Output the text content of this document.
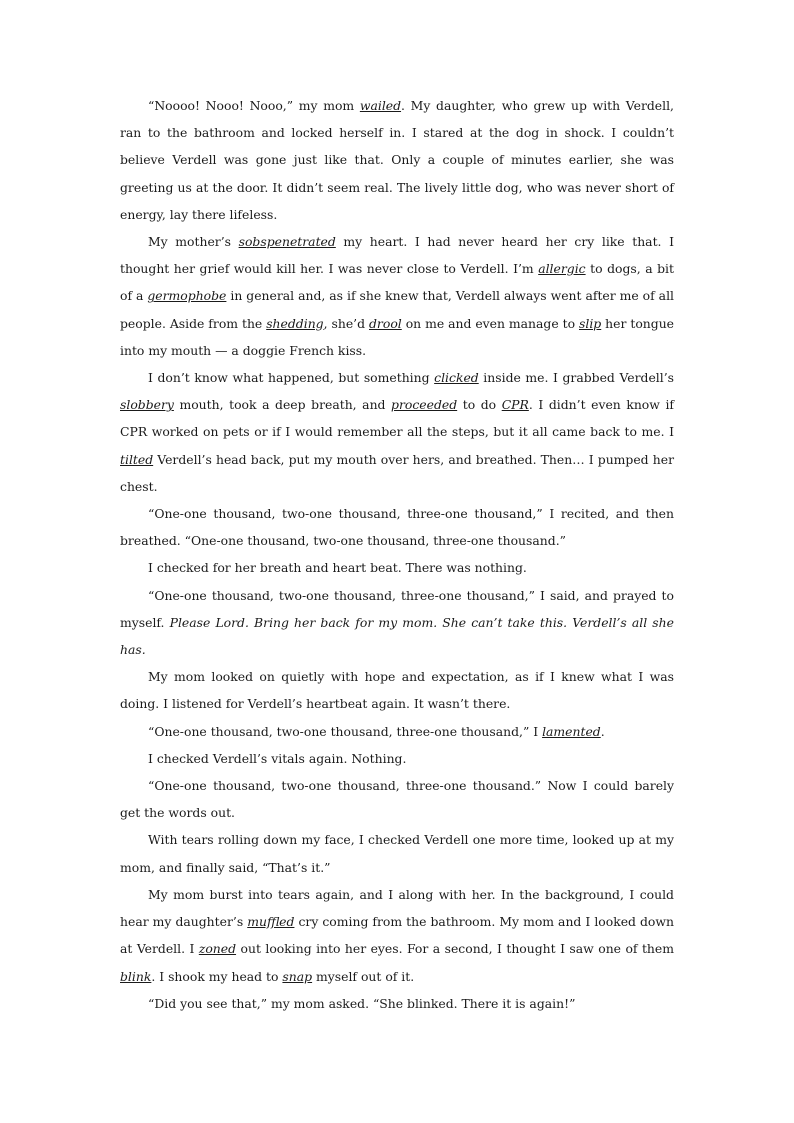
“Noooo! Nooo! Nooo,” my mom wailed. My daughter, who grew up with Verdell, ran to the bathroom and locked herself in. I stared at the dog in shock. I couldn’t believe Verdell was gone just like that. Only a couple of minutes earlier, she was greeting us at the door. It didn’t seem real. The lively little dog, who was never short of energy, lay there lifeless.

My mother’s sobspenetrated my heart. I had never heard her cry like that. I thought her grief would kill her. I was never close to Verdell. I’m allergic to dogs, a bit of a germophobe in general and, as if she knew that, Verdell always went after me of all people. Aside from the shedding, she’d drool on me and even manage to slip her tongue into my mouth — a doggie French kiss.

I don’t know what happened, but something clicked inside me. I grabbed Verdell’s slobbery mouth, took a deep breath, and proceeded to do CPR. I didn’t even know if CPR worked on pets or if I would remember all the steps, but it all came back to me. I tilted Verdell’s head back, put my mouth over hers, and breathed. Then… I pumped her chest.

“One-one thousand, two-one thousand, three-one thousand,” I recited, and then breathed. “One-one thousand, two-one thousand, three-one thousand.”

I checked for her breath and heart beat. There was nothing.

“One-one thousand, two-one thousand, three-one thousand,” I said, and prayed to myself. Please Lord. Bring her back for my mom. She can’t take this. Verdell’s all she has.

My mom looked on quietly with hope and expectation, as if I knew what I was doing. I listened for Verdell’s heartbeat again. It wasn’t there.

“One-one thousand, two-one thousand, three-one thousand,” I lamented.

I checked Verdell’s vitals again. Nothing.

“One-one thousand, two-one thousand, three-one thousand.” Now I could barely get the words out.

With tears rolling down my face, I checked Verdell one more time, looked up at my mom, and finally said, “That’s it.”

My mom burst into tears again, and I along with her. In the background, I could hear my daughter’s muffled cry coming from the bathroom. My mom and I looked down at Verdell. I zoned out looking into her eyes. For a second, I thought I saw one of them blink. I shook my head to snap myself out of it.

“Did you see that,” my mom asked. “She blinked. There it is again!”
